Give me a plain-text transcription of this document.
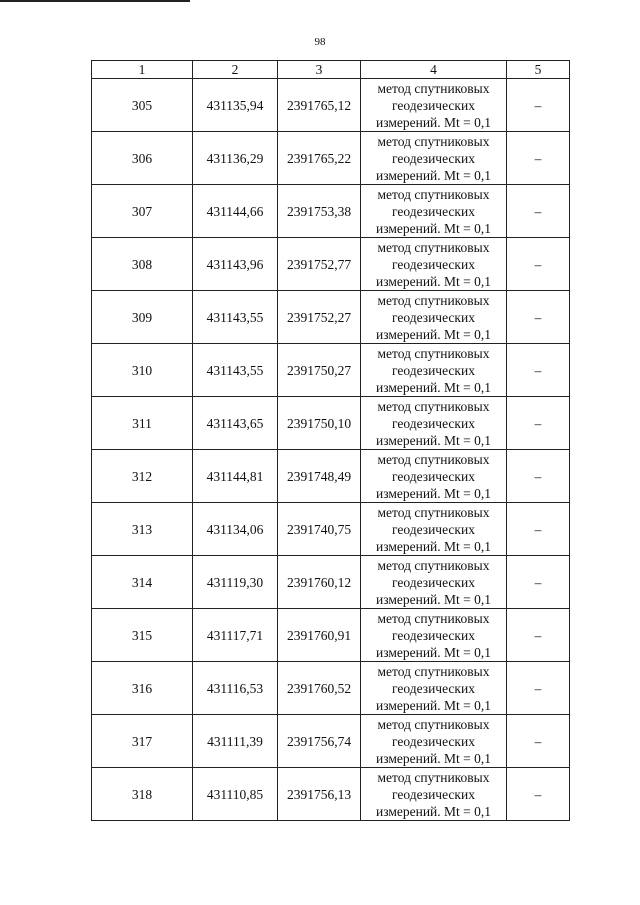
98
1	2	3	4	5
305	431135,94	2391765,12	метод спутниковых
геодезических
измерений. Mt = 0,1	–
306	431136,29	2391765,22	метод спутниковых
геодезических
измерений. Mt = 0,1	–
307	431144,66	2391753,38	метод спутниковых
геодезических
измерений. Mt = 0,1	–
308	431143,96	2391752,77	метод спутниковых
геодезических
измерений. Mt = 0,1	–
309	431143,55	2391752,27	метод спутниковых
геодезических
измерений. Mt = 0,1	–
310	431143,55	2391750,27	метод спутниковых
геодезических
измерений. Mt = 0,1	–
311	431143,65	2391750,10	метод спутниковых
геодезических
измерений. Mt = 0,1	–
312	431144,81	2391748,49	метод спутниковых
геодезических
измерений. Mt = 0,1	–
313	431134,06	2391740,75	метод спутниковых
геодезических
измерений. Mt = 0,1	–
314	431119,30	2391760,12	метод спутниковых
геодезических
измерений. Mt = 0,1	–
315	431117,71	2391760,91	метод спутниковых
геодезических
измерений. Mt = 0,1	–
316	431116,53	2391760,52	метод спутниковых
геодезических
измерений. Mt = 0,1	–
317	431111,39	2391756,74	метод спутниковых
геодезических
измерений. Mt = 0,1	–
318	431110,85	2391756,13	метод спутниковых
геодезических
измерений. Mt = 0,1	–
